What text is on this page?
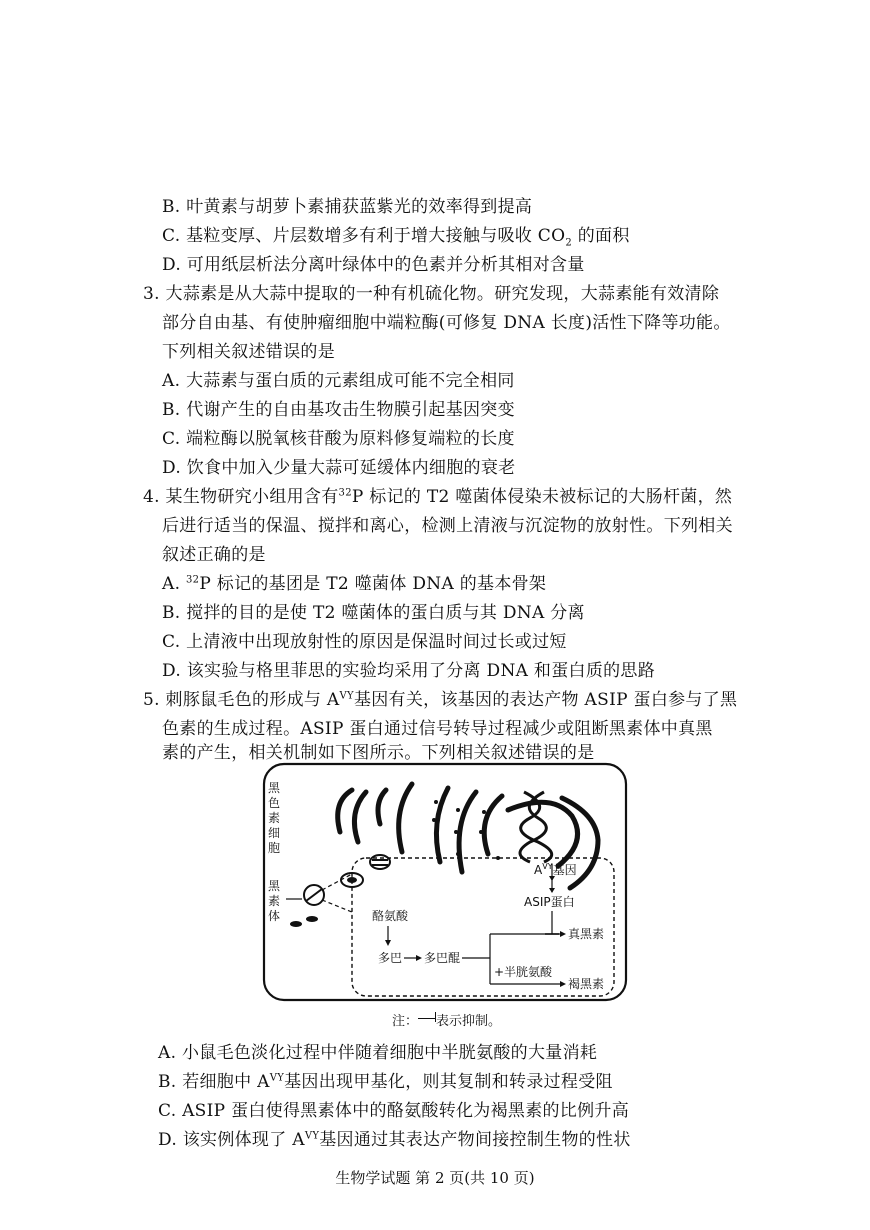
B. 叶黄素与胡萝卜素捕获蓝紫光的效率得到提高
C. 基粒变厚、片层数增多有利于增大接触与吸收 $CO_2$ 的面积
D. 可用纸层析法分离叶绿体中的色素并分析其相对含量
3. 大蒜素是从大蒜中提取的一种有机硫化物。研究发现，大蒜素能有效清除
部分自由基、有使肿瘤细胞中端粒酶(可修复 DNA 长度)活性下降等功能。
下列相关叙述错误的是
A. 大蒜素与蛋白质的元素组成可能不完全相同
B. 代谢产生的自由基攻击生物膜引起基因突变
C. 端粒酶以脱氧核苷酸为原料修复端粒的长度
D. 饮食中加入少量大蒜可延缓体内细胞的衰老
4. 某生物研究小组用含有$^{32}$P 标记的 T2 噬菌体侵染未被标记的大肠杆菌，然
后进行适当的保温、搅拌和离心，检测上清液与沉淀物的放射性。下列相关
叙述正确的是
A. $^{32}$P 标记的基团是 T2 噬菌体 DNA 的基本骨架
B. 搅拌的目的是使 T2 噬菌体的蛋白质与其 DNA 分离
C. 上清液中出现放射性的原因是保温时间过长或过短
D. 该实验与格里菲思的实验均采用了分离 DNA 和蛋白质的思路
5. 刺豚鼠毛色的形成与 $A^{VY}$基因有关，该基因的表达产物 ASIP 蛋白参与了黑
色素的生成过程。ASIP 蛋白通过信号转导过程减少或阻断黑素体中真黑
素的产生，相关机制如下图所示。下列相关叙述错误的是
黑 色 素 细 胞
黑 素 体
$A^{VY}$基因
ASIP蛋白
酪氨酸
多巴 多巴醌
真黑素
+半胱氨酸
褐黑素
注： 表示抑制。
A. 小鼠毛色淡化过程中伴随着细胞中半胱氨酸的大量消耗
B. 若细胞中 $A^{VY}$基因出现甲基化，则其复制和转录过程受阻
C. ASIP 蛋白使得黑素体中的酪氨酸转化为褐黑素的比例升高
D. 该实例体现了 $A^{VY}$基因通过其表达产物间接控制生物的性状
生物学试题 第 2 页(共 10 页)
